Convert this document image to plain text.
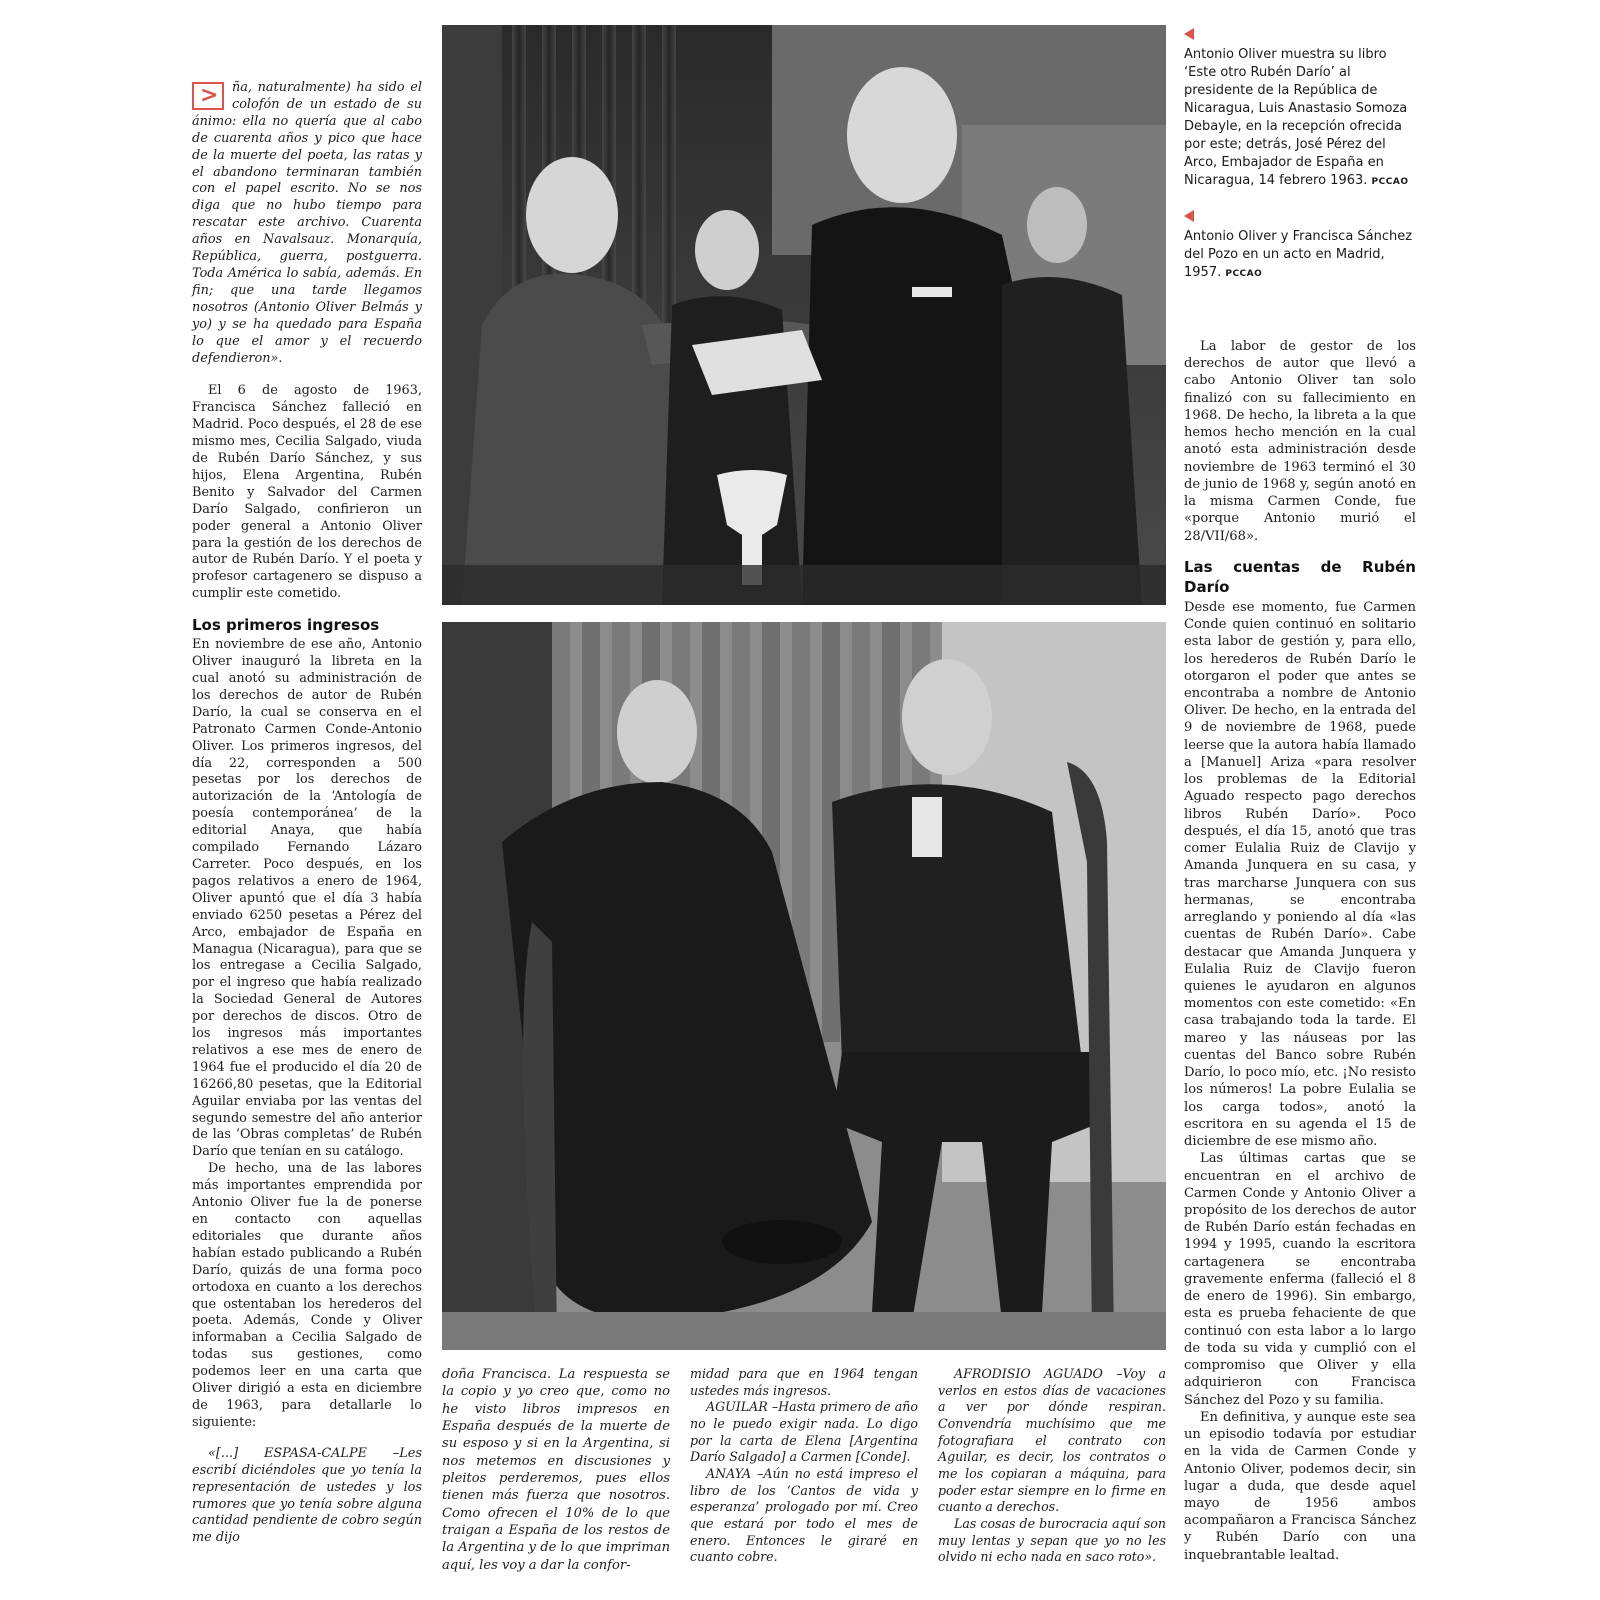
> ña, naturalmente) ha sido el colofón de un estado de su ánimo: ella no quería que al cabo de cuarenta años y pico que hace de la muerte del poeta, las ratas y el abandono terminaran también con el papel escrito. No se nos diga que no hubo tiempo para rescatar este archivo. Cuarenta años en Navalsauz. Monarquía, República, guerra, postguerra. Toda América lo sabía, además. En fin; que una tarde llegamos nosotros (Antonio Oliver Belmás y yo) y se ha quedado para España lo que el amor y el recuerdo defendieron».

El 6 de agosto de 1963, Francisca Sánchez falleció en Madrid. Poco después, el 28 de ese mismo mes, Cecilia Salgado, viuda de Rubén Darío Sánchez, y sus hijos, Elena Argentina, Rubén Benito y Salvador del Carmen Darío Salgado, confirieron un poder general a Antonio Oliver para la gestión de los derechos de autor de Rubén Darío. Y el poeta y profesor cartagenero se dispuso a cumplir este cometido.

Los primeros ingresos

En noviembre de ese año, Antonio Oliver inauguró la libreta en la cual anotó su administración de los derechos de autor de Rubén Darío, la cual se conserva en el Patronato Carmen Conde-Antonio Oliver. Los primeros ingresos, del día 22, corresponden a 500 pesetas por los derechos de autorización de la ‘Antología de poesía contemporánea’ de la editorial Anaya, que había compilado Fernando Lázaro Carreter. Poco después, en los pagos relativos a enero de 1964, Oliver apuntó que el día 3 había enviado 6250 pesetas a Pérez del Arco, embajador de España en Managua (Nicaragua), para que se los entregase a Cecilia Salgado, por el ingreso que había realizado la Sociedad General de Autores por derechos de discos. Otro de los ingresos más importantes relativos a ese mes de enero de 1964 fue el producido el día 20 de 16266,80 pesetas, que la Editorial Aguilar enviaba por las ventas del segundo semestre del año anterior de las ‘Obras completas’ de Rubén Darío que tenían en su catálogo.

De hecho, una de las labores más importantes emprendida por Antonio Oliver fue la de ponerse en contacto con aquellas editoriales que durante años habían estado publicando a Rubén Darío, quizás de una forma poco ortodoxa en cuanto a los derechos que ostentaban los herederos del poeta. Además, Conde y Oliver informaban a Cecilia Salgado de todas sus gestiones, como podemos leer en una carta que Oliver dirigió a esta en diciembre de 1963, para detallarle lo siguiente:

«[...] ESPASA-CALPE –Les escribí diciéndoles que yo tenía la representación de ustedes y los rumores que yo tenía sobre alguna cantidad pendiente de cobro según me dijo

doña Francisca. La respuesta se la copio y yo creo que, como no he visto libros impresos en España después de la muerte de su esposo y si en la Argentina, si nos metemos en discusiones y pleitos perderemos, pues ellos tienen más fuerza que nosotros. Como ofrecen el 10% de lo que traigan a España de los restos de la Argentina y de lo que impriman aquí, les voy a dar la confor-

midad para que en 1964 tengan ustedes más ingresos.

AGUILAR –Hasta primero de año no le puedo exigir nada. Lo digo por la carta de Elena [Argentina Darío Salgado] a Carmen [Conde].

ANAYA –Aún no está impreso el libro de los ‘Cantos de vida y esperanza’ prologado por mí. Creo que estará por todo el mes de enero. Entonces le giraré en cuanto cobre.

AFRODISIO AGUADO –Voy a verlos en estos días de vacaciones a ver por dónde respiran. Convendría muchísimo que me fotografiara el contrato con Aguilar, es decir, los contratos o me los copiaran a máquina, para poder estar siempre en lo firme en cuanto a derechos.

Las cosas de burocracia aquí son muy lentas y sepan que yo no les olvido ni echo nada en saco roto».

Antonio Oliver muestra su libro ‘Este otro Rubén Darío’ al presidente de la República de Nicaragua, Luis Anastasio Somoza Debayle, en la recepción ofrecida por este; detrás, José Pérez del Arco, Embajador de España en Nicaragua, 14 febrero 1963. PCCAO

Antonio Oliver y Francisca Sánchez del Pozo en un acto en Madrid, 1957. PCCAO

La labor de gestor de los derechos de autor que llevó a cabo Antonio Oliver tan solo finalizó con su fallecimiento en 1968. De hecho, la libreta a la que hemos hecho mención en la cual anotó esta administración desde noviembre de 1963 terminó el 30 de junio de 1968 y, según anotó en la misma Carmen Conde, fue «porque Antonio murió el 28/VII/68».

Las cuentas de Rubén Darío

Desde ese momento, fue Carmen Conde quien continuó en solitario esta labor de gestión y, para ello, los herederos de Rubén Darío le otorgaron el poder que antes se encontraba a nombre de Antonio Oliver. De hecho, en la entrada del 9 de noviembre de 1968, puede leerse que la autora había llamado a [Manuel] Ariza «para resolver los problemas de la Editorial Aguado respecto pago derechos libros Rubén Darío». Poco después, el día 15, anotó que tras comer Eulalia Ruiz de Clavijo y Amanda Junquera en su casa, y tras marcharse Junquera con sus hermanas, se encontraba arreglando y poniendo al día «las cuentas de Rubén Darío». Cabe destacar que Amanda Junquera y Eulalia Ruiz de Clavijo fueron quienes le ayudaron en algunos momentos con este cometido: «En casa trabajando toda la tarde. El mareo y las náuseas por las cuentas del Banco sobre Rubén Darío, lo poco mío, etc. ¡No resisto los números! La pobre Eulalia se los carga todos», anotó la escritora en su agenda el 15 de diciembre de ese mismo año.

Las últimas cartas que se encuentran en el archivo de Carmen Conde y Antonio Oliver a propósito de los derechos de autor de Rubén Darío están fechadas en 1994 y 1995, cuando la escritora cartagenera se encontraba gravemente enferma (falleció el 8 de enero de 1996). Sin embargo, esta es prueba fehaciente de que continuó con esta labor a lo largo de toda su vida y cumplió con el compromiso que Oliver y ella adquirieron con Francisca Sánchez del Pozo y su familia.

En definitiva, y aunque este sea un episodio todavía por estudiar en la vida de Carmen Conde y Antonio Oliver, podemos decir, sin lugar a duda, que desde aquel mayo de 1956 ambos acompañaron a Francisca Sánchez y Rubén Darío con una inquebrantable lealtad.
